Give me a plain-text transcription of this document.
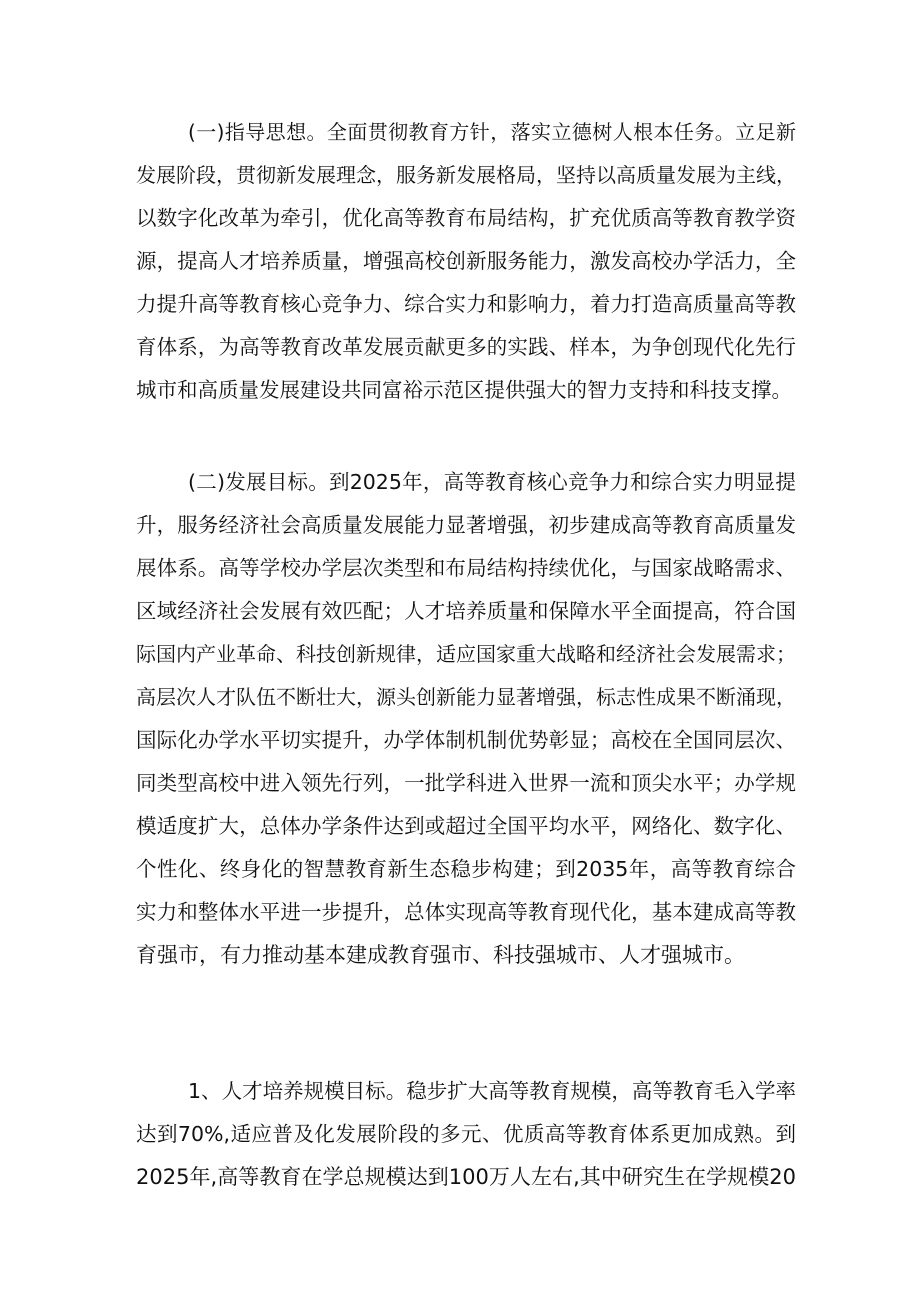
(一)指导思想。全面贯彻教育方针，落实立德树人根本任务。立足新
发展阶段，贯彻新发展理念，服务新发展格局，坚持以高质量发展为主线，
以数字化改革为牵引，优化高等教育布局结构，扩充优质高等教育教学资
源，提高人才培养质量，增强高校创新服务能力，激发高校办学活力，全
力提升高等教育核心竞争力、综合实力和影响力，着力打造高质量高等教
育体系，为高等教育改革发展贡献更多的实践、样本，为争创现代化先行
城市和高质量发展建设共同富裕示范区提供强大的智力支持和科技支撑。
(二)发展目标。到2025年，高等教育核心竞争力和综合实力明显提
升，服务经济社会高质量发展能力显著增强，初步建成高等教育高质量发
展体系。高等学校办学层次类型和布局结构持续优化，与国家战略需求、
区域经济社会发展有效匹配；人才培养质量和保障水平全面提高，符合国
际国内产业革命、科技创新规律，适应国家重大战略和经济社会发展需求；
高层次人才队伍不断壮大，源头创新能力显著增强，标志性成果不断涌现，
国际化办学水平切实提升，办学体制机制优势彰显；高校在全国同层次、
同类型高校中进入领先行列，一批学科进入世界一流和顶尖水平；办学规
模适度扩大，总体办学条件达到或超过全国平均水平，网络化、数字化、
个性化、终身化的智慧教育新生态稳步构建；到2035年，高等教育综合
实力和整体水平进一步提升，总体实现高等教育现代化，基本建成高等教
育强市，有力推动基本建成教育强市、科技强城市、人才强城市。
1、人才培养规模目标。稳步扩大高等教育规模，高等教育毛入学率
达到70%,适应普及化发展阶段的多元、优质高等教育体系更加成熟。到
2025年,高等教育在学总规模达到100万人左右,其中研究生在学规模20
